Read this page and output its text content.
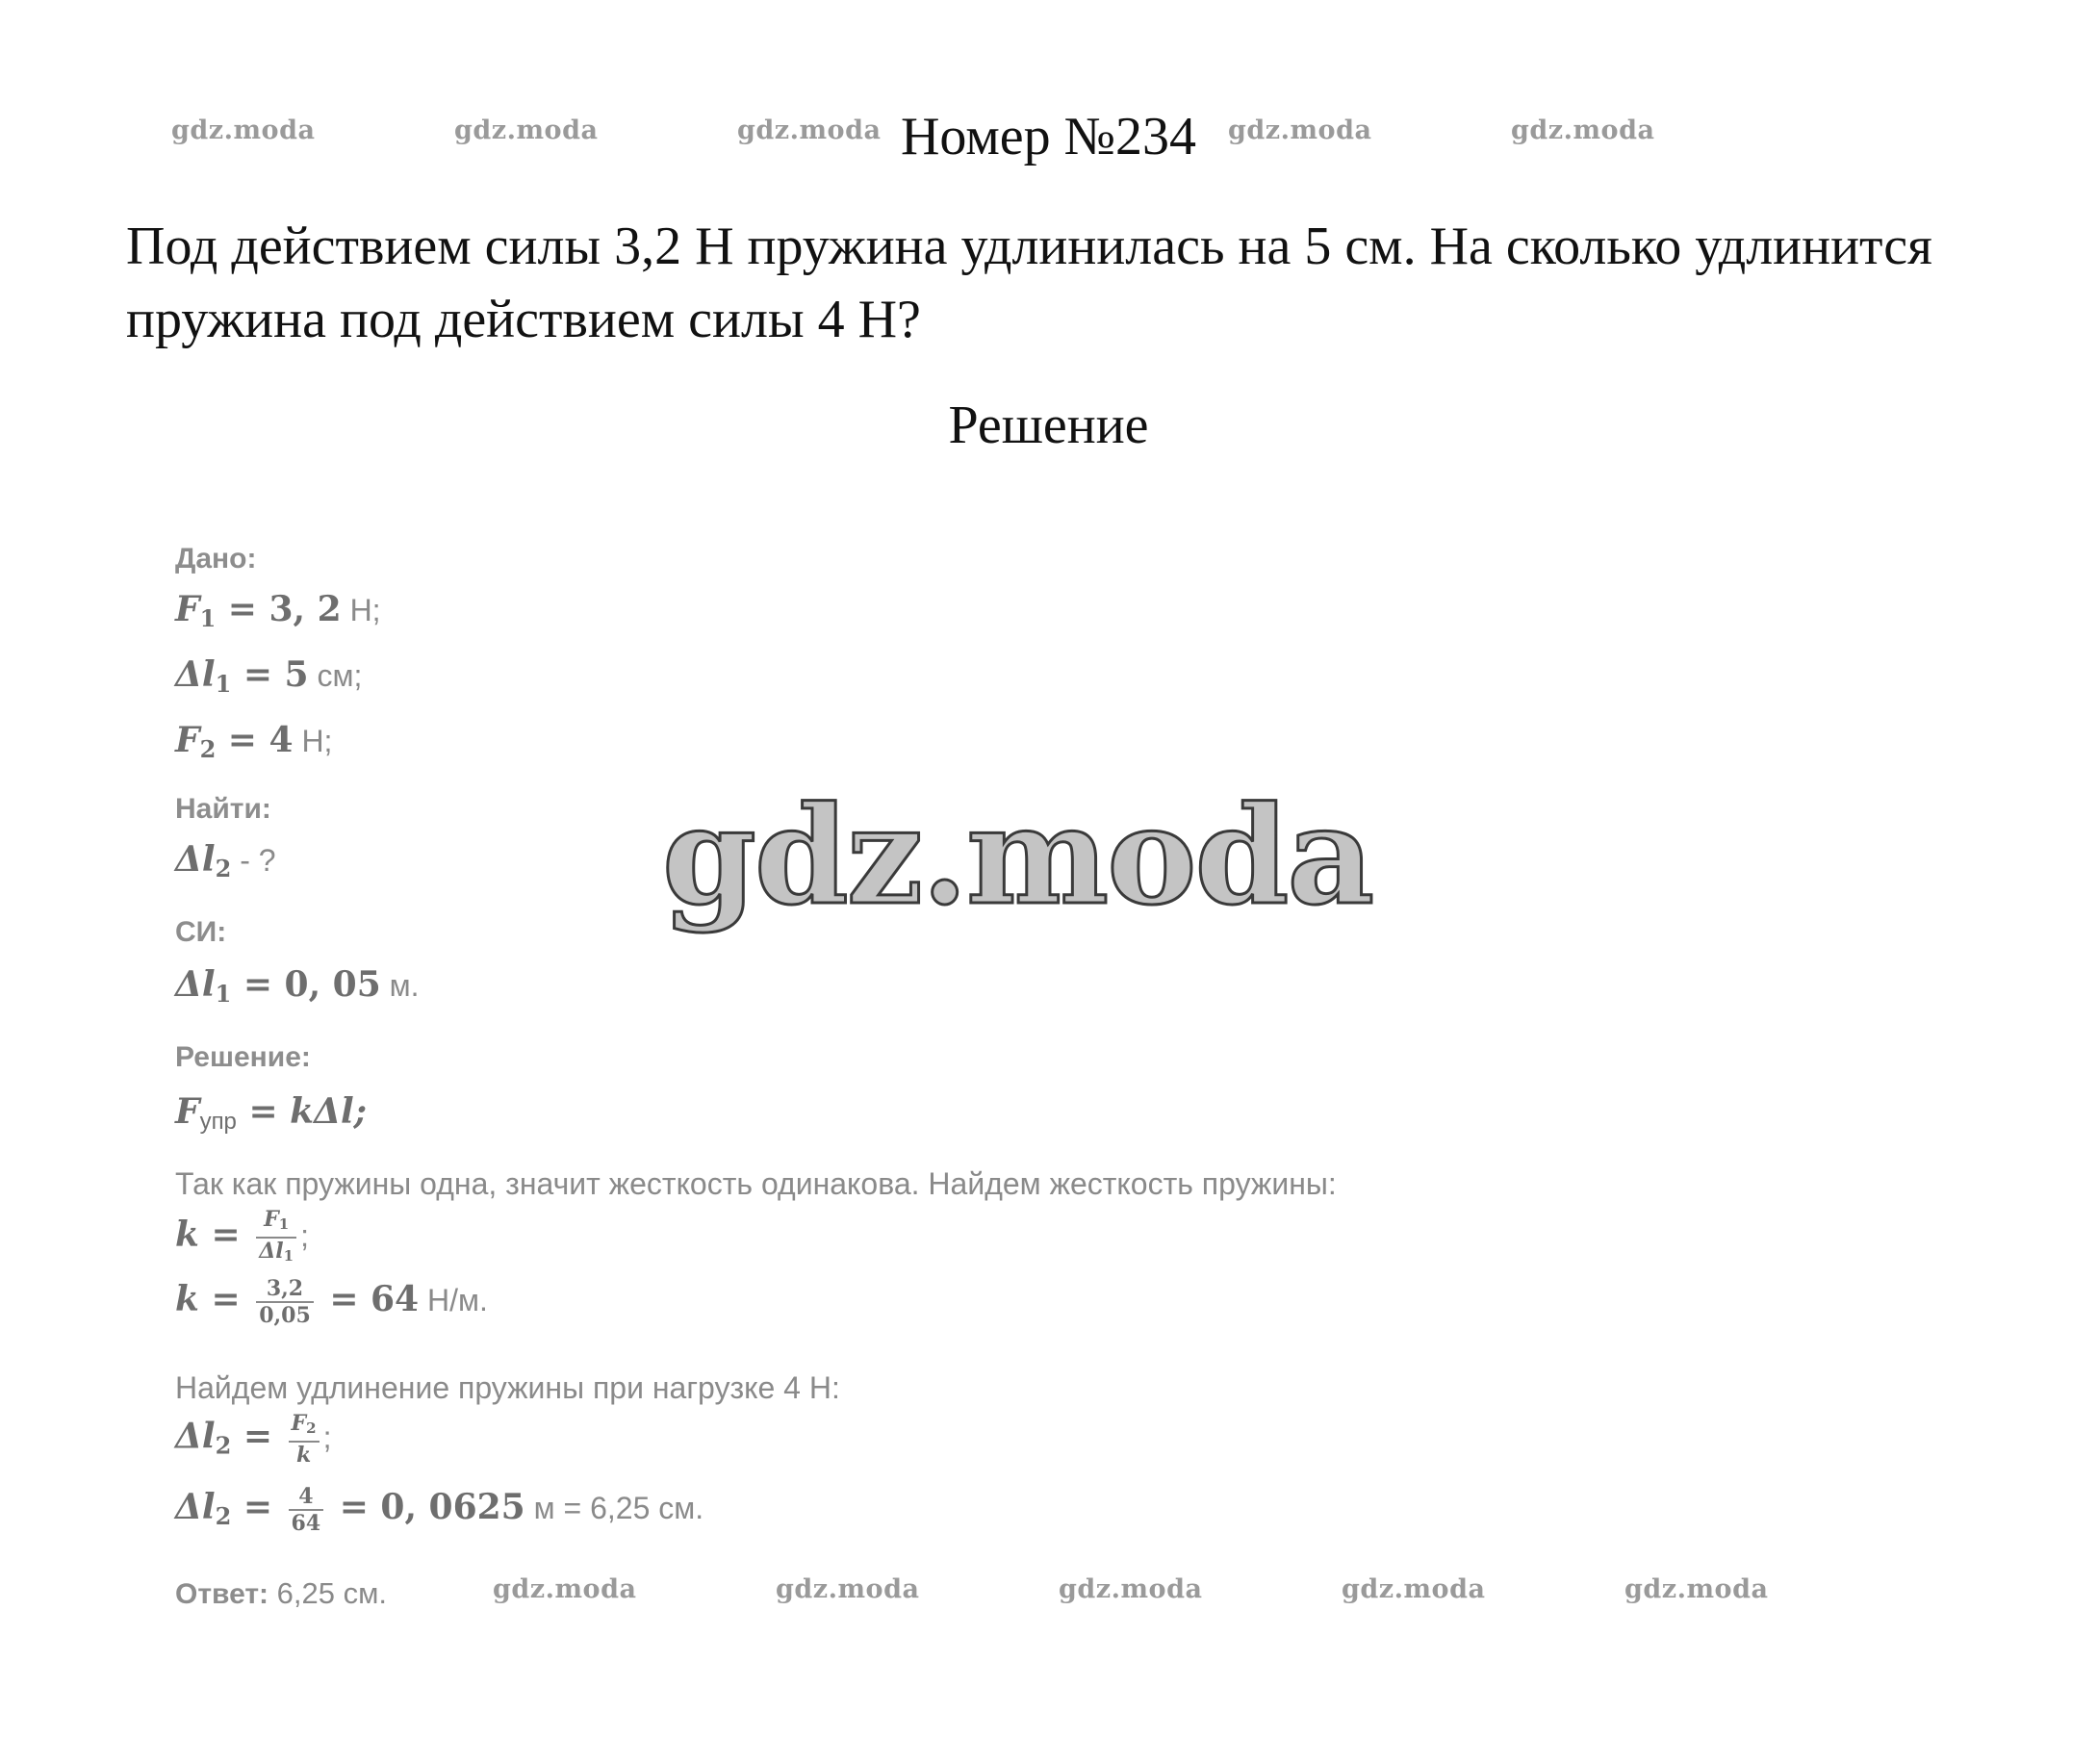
gdz.moda	gdz.moda	gdz.moda	gdz.moda	gdz.moda
Номер №234
Под действием силы 3,2 Н пружина удлинилась на 5 см. На сколько удлинится пружина под действием силы 4 Н?
Решение
Дано:
$F_1 = 3$, 2 Н;
$\Delta l_1 = 5$ см;
$F_2 = 4$ Н;
Найти:
$\Delta l_2$ - ?
СИ:
$\Delta l_1 = 0$, 05 м.
Решение:
$F_{упр} = k\Delta l$;
Так как пружины одна, значит жесткость одинакова. Найдем жесткость пружины:
$k = \frac{F_1}{\Delta l_1}$ ;
$k = \frac{3,2}{0,05} = 64$ Н/м.
Найдем удлинение пружины при нагрузке 4 Н:
$\Delta l_2 = \frac{F_2}{k}$ ;
$\Delta l_2 = \frac{4}{64} = 0$, 0625 м = 6,25 см.
Ответ: 6,25 см.
gdz.moda
gdz.moda	gdz.moda	gdz.moda	gdz.moda	gdz.moda
